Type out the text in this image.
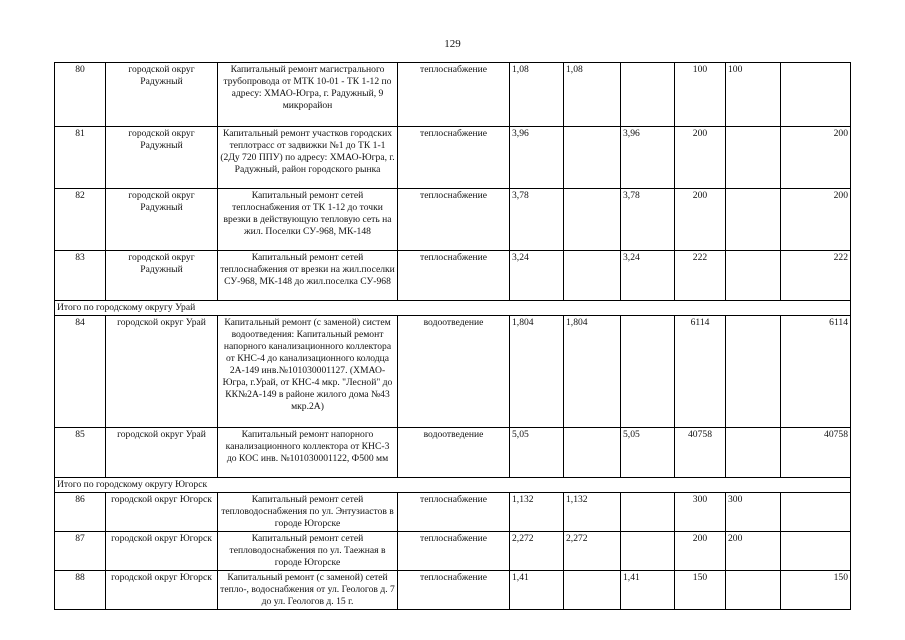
129
80	городской округ Радужный	Капитальный ремонт магистрального трубопровода от МТК 10-01 - ТК 1-12 по адресу: ХМАО-Югра, г. Радужный, 9 микрорайон	теплоснабжение	1,08	1,08		100	100	
81	городской округ Радужный	Капитальный ремонт участков городских теплотрасс от задвижки №1 до ТК 1-1 (2Ду 720 ППУ) по адресу: ХМАО-Югра, г. Радужный, район городского рынка	теплоснабжение	3,96		3,96	200		200
82	городской округ Радужный	Капитальный ремонт сетей теплоснабжения от ТК 1-12 до точки врезки в действующую тепловую сеть на жил. Поселки СУ-968, МК-148	теплоснабжение	3,78		3,78	200		200
83	городской округ Радужный	Капитальный ремонт сетей теплоснабжения от врезки на жил.поселки СУ-968, МК-148 до жил.поселка СУ-968	теплоснабжение	3,24		3,24	222		222
Итого по городскому округу Урай									
84	городской округ Урай	Капитальный ремонт (с заменой) систем водоотведения: Капитальный ремонт напорного канализационного коллектора от КНС-4 до канализационного колодца 2А-149 инв.№101030001127. (ХМАО-Югра, г.Урай, от КНС-4 мкр. "Лесной" до КК№2А-149 в районе жилого дома №43 мкр.2А)	водоотведение	1,804	1,804		6114		6114
85	городской округ Урай	Капитальный ремонт напорного канализационного коллектора от КНС-3 до КОС инв. №101030001122, Ф500 мм	водоотведение	5,05		5,05	40758		40758
Итого по городскому округу Югорск									
86	городской округ Югорск	Капитальный ремонт сетей тепловодоснабжения по ул. Энтузиастов в городе Югорске	теплоснабжение	1,132	1,132		300	300	
87	городской округ Югорск	Капитальный ремонт сетей тепловодоснабжения по ул. Таежная в городе Югорске	теплоснабжение	2,272	2,272		200	200	
88	городской округ Югорск	Капитальный ремонт (с заменой) сетей тепло-, водоснабжения от ул. Геологов д. 7 до ул. Геологов д. 15 г.	теплоснабжение	1,41		1,41	150		150
